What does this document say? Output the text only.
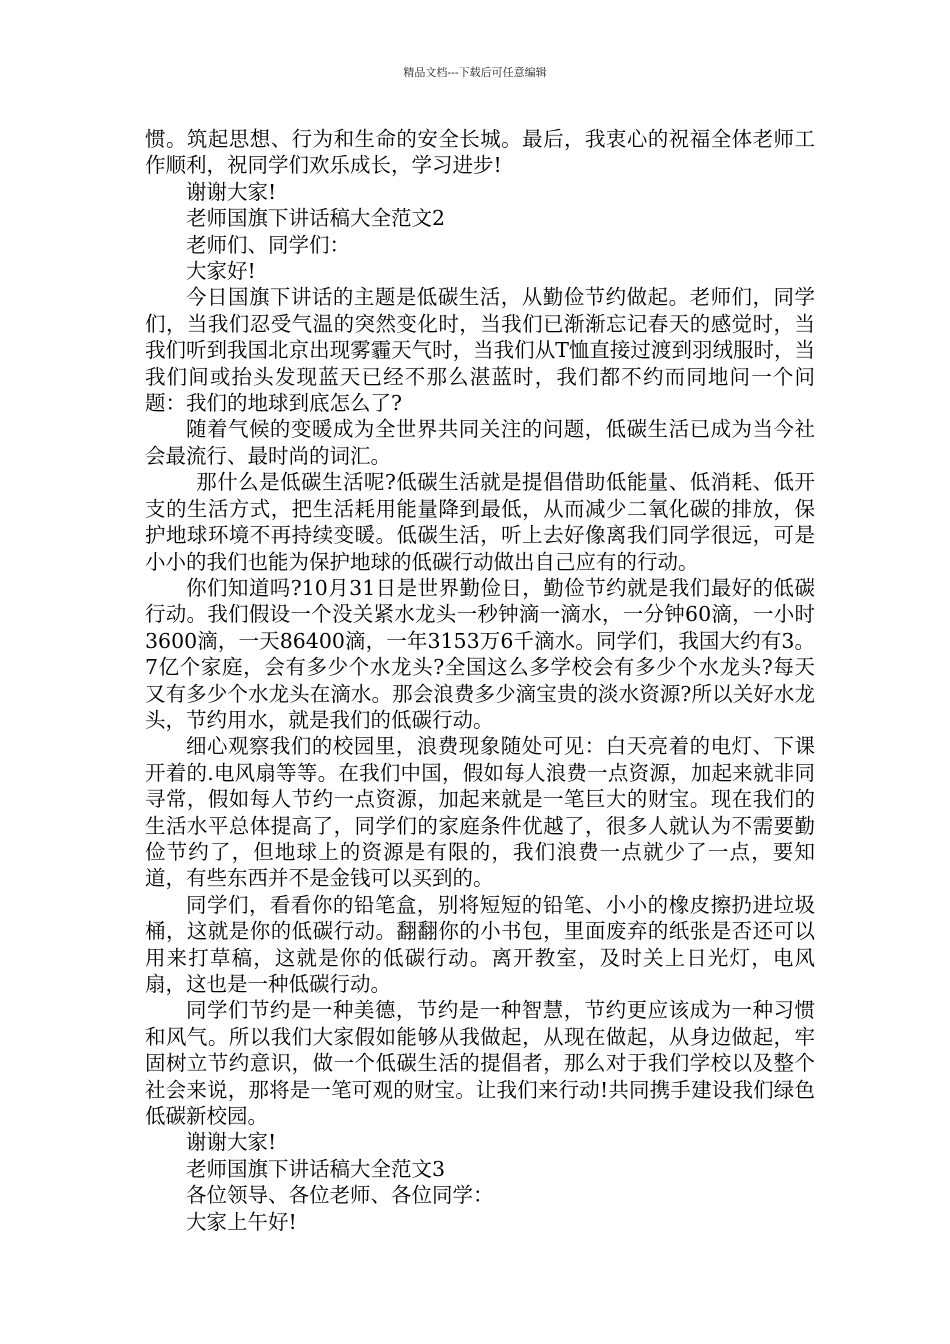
精品文档---下载后可任意编辑

惯。筑起思想、行为和生命的安全长城。最后，我衷心的祝福全体老师工作顺利，祝同学们欢乐成长，学习进步!

谢谢大家!

老师国旗下讲话稿大全范文2

老师们、同学们：

大家好!

今日国旗下讲话的主题是低碳生活，从勤俭节约做起。老师们，同学们，当我们忍受气温的突然变化时，当我们已渐渐忘记春天的感觉时，当我们听到我国北京出现雾霾天气时，当我们从T恤直接过渡到羽绒服时，当我们间或抬头发现蓝天已经不那么湛蓝时，我们都不约而同地问一个问题：我们的地球到底怎么了?

随着气候的变暖成为全世界共同关注的问题，低碳生活已成为当今社会最流行、最时尚的词汇。

那什么是低碳生活呢?低碳生活就是提倡借助低能量、低消耗、低开支的生活方式，把生活耗用能量降到最低，从而减少二氧化碳的排放，保护地球环境不再持续变暖。低碳生活，听上去好像离我们同学很远，可是小小的我们也能为保护地球的低碳行动做出自己应有的行动。

你们知道吗?10月31日是世界勤俭日，勤俭节约就是我们最好的低碳行动。我们假设一个没关紧水龙头一秒钟滴一滴水，一分钟60滴，一小时3600滴，一天86400滴，一年3153万6千滴水。同学们，我国大约有3。7亿个家庭，会有多少个水龙头?全国这么多学校会有多少个水龙头?每天又有多少个水龙头在滴水。那会浪费多少滴宝贵的淡水资源?所以关好水龙头，节约用水，就是我们的低碳行动。

细心观察我们的校园里，浪费现象随处可见：白天亮着的电灯、下课开着的.电风扇等等。在我们中国，假如每人浪费一点资源，加起来就非同寻常，假如每人节约一点资源，加起来就是一笔巨大的财宝。现在我们的生活水平总体提高了，同学们的家庭条件优越了，很多人就认为不需要勤俭节约了，但地球上的资源是有限的，我们浪费一点就少了一点，要知道，有些东西并不是金钱可以买到的。

同学们，看看你的铅笔盒，别将短短的铅笔、小小的橡皮擦扔进垃圾桶，这就是你的低碳行动。翻翻你的小书包，里面废弃的纸张是否还可以用来打草稿，这就是你的低碳行动。离开教室，及时关上日光灯，电风扇，这也是一种低碳行动。

同学们节约是一种美德，节约是一种智慧，节约更应该成为一种习惯和风气。所以我们大家假如能够从我做起，从现在做起，从身边做起，牢固树立节约意识，做一个低碳生活的提倡者，那么对于我们学校以及整个社会来说，那将是一笔可观的财宝。让我们来行动!共同携手建设我们绿色低碳新校园。

谢谢大家!

老师国旗下讲话稿大全范文3

各位领导、各位老师、各位同学：

大家上午好!
